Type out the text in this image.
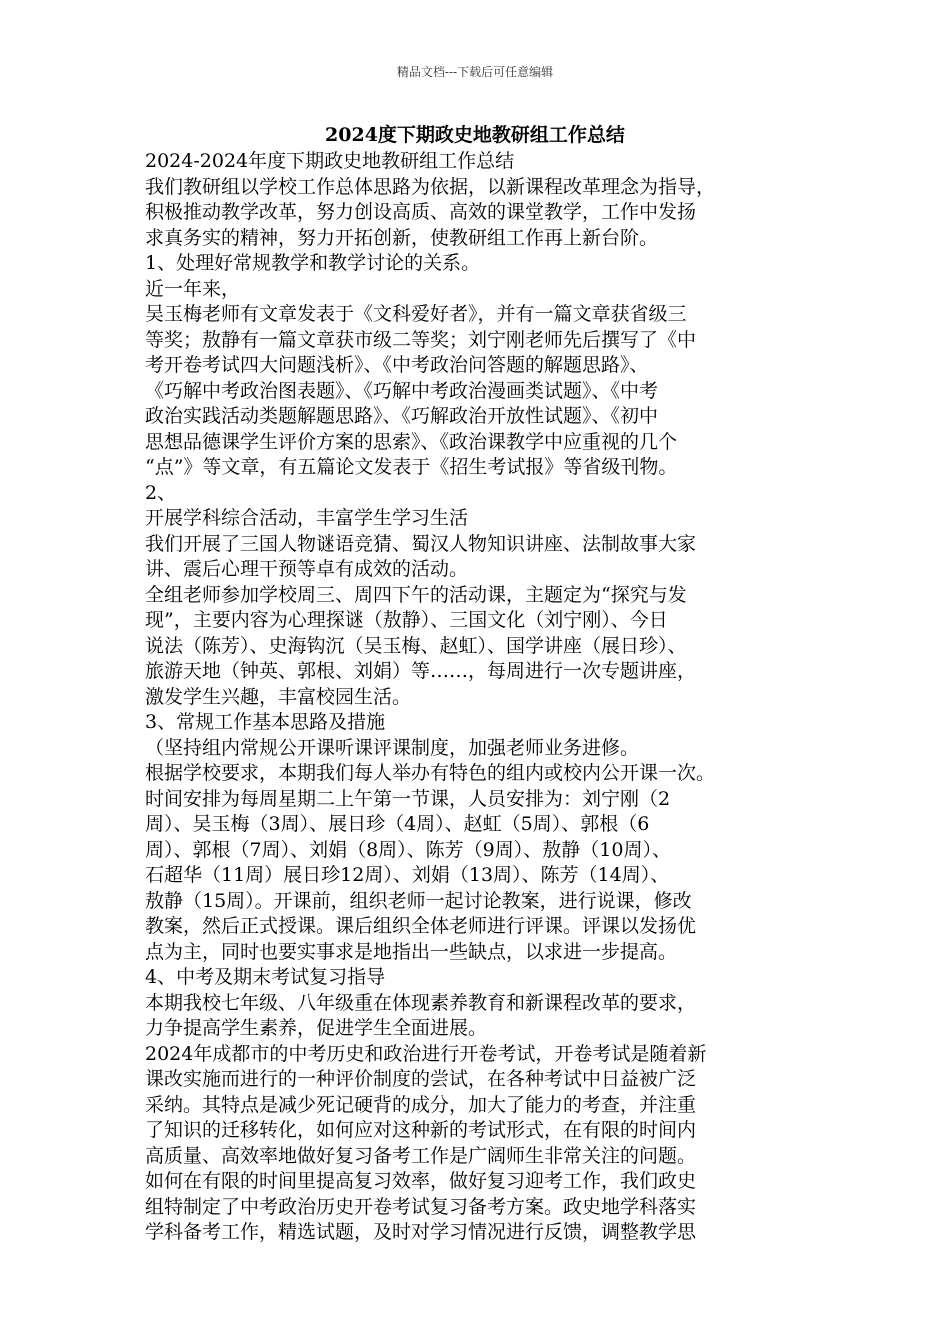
精品文档---下载后可任意编辑
2024度下期政史地教研组工作总结
2024-2024年度下期政史地教研组工作总结
我们教研组以学校工作总体思路为依据，以新课程改革理念为指导，
积极推动教学改革，努力创设高质、高效的课堂教学，工作中发扬
求真务实的精神，努力开拓创新，使教研组工作再上新台阶。
1、处理好常规教学和教学讨论的关系。
近一年来，
吴玉梅老师有文章发表于《文科爱好者》，并有一篇文章获省级三
等奖；敖静有一篇文章获市级二等奖；刘宁刚老师先后撰写了《中
考开卷考试四大问题浅析》、《中考政治问答题的解题思路》、
《巧解中考政治图表题》、《巧解中考政治漫画类试题》、《中考
政治实践活动类题解题思路》、《巧解政治开放性试题》、《初中
思想品德课学生评价方案的思索》、《政治课教学中应重视的几个
“点”》等文章，有五篇论文发表于《招生考试报》等省级刊物。
2、
开展学科综合活动，丰富学生学习生活
我们开展了三国人物谜语竞猜、蜀汉人物知识讲座、法制故事大家
讲、震后心理干预等卓有成效的活动。
全组老师参加学校周三、周四下午的活动课，主题定为“探究与发
现”，主要内容为心理探谜（敖静）、三国文化（刘宁刚）、今日
说法（陈芳）、史海钩沉（吴玉梅、赵虹）、国学讲座（展日珍）、
旅游天地（钟英、郭根、刘娟）等……，每周进行一次专题讲座，
激发学生兴趣，丰富校园生活。
3、常规工作基本思路及措施
（坚持组内常规公开课听课评课制度，加强老师业务进修。
根据学校要求，本期我们每人举办有特色的组内或校内公开课一次。
时间安排为每周星期二上午第一节课，人员安排为：刘宁刚（2
周）、吴玉梅（3周）、展日珍（4周）、赵虹（5周）、郭根（6
周）、郭根（7周）、刘娟（8周）、陈芳（9周）、敖静（10周）、
石超华（11周）展日珍12周）、刘娟（13周）、陈芳（14周）、
敖静（15周）。开课前，组织老师一起讨论教案，进行说课，修改
教案，然后正式授课。课后组织全体老师进行评课。评课以发扬优
点为主，同时也要实事求是地指出一些缺点，以求进一步提高。
4、中考及期末考试复习指导
本期我校七年级、八年级重在体现素养教育和新课程改革的要求，
力争提高学生素养，促进学生全面进展。
2024年成都市的中考历史和政治进行开卷考试，开卷考试是随着新
课改实施而进行的一种评价制度的尝试，在各种考试中日益被广泛
采纳。其特点是减少死记硬背的成分，加大了能力的考查，并注重
了知识的迁移转化，如何应对这种新的考试形式，在有限的时间内
高质量、高效率地做好复习备考工作是广阔师生非常关注的问题。
如何在有限的时间里提高复习效率，做好复习迎考工作，我们政史
组特制定了中考政治历史开卷考试复习备考方案。政史地学科落实
学科备考工作，精选试题，及时对学习情况进行反馈，调整教学思
